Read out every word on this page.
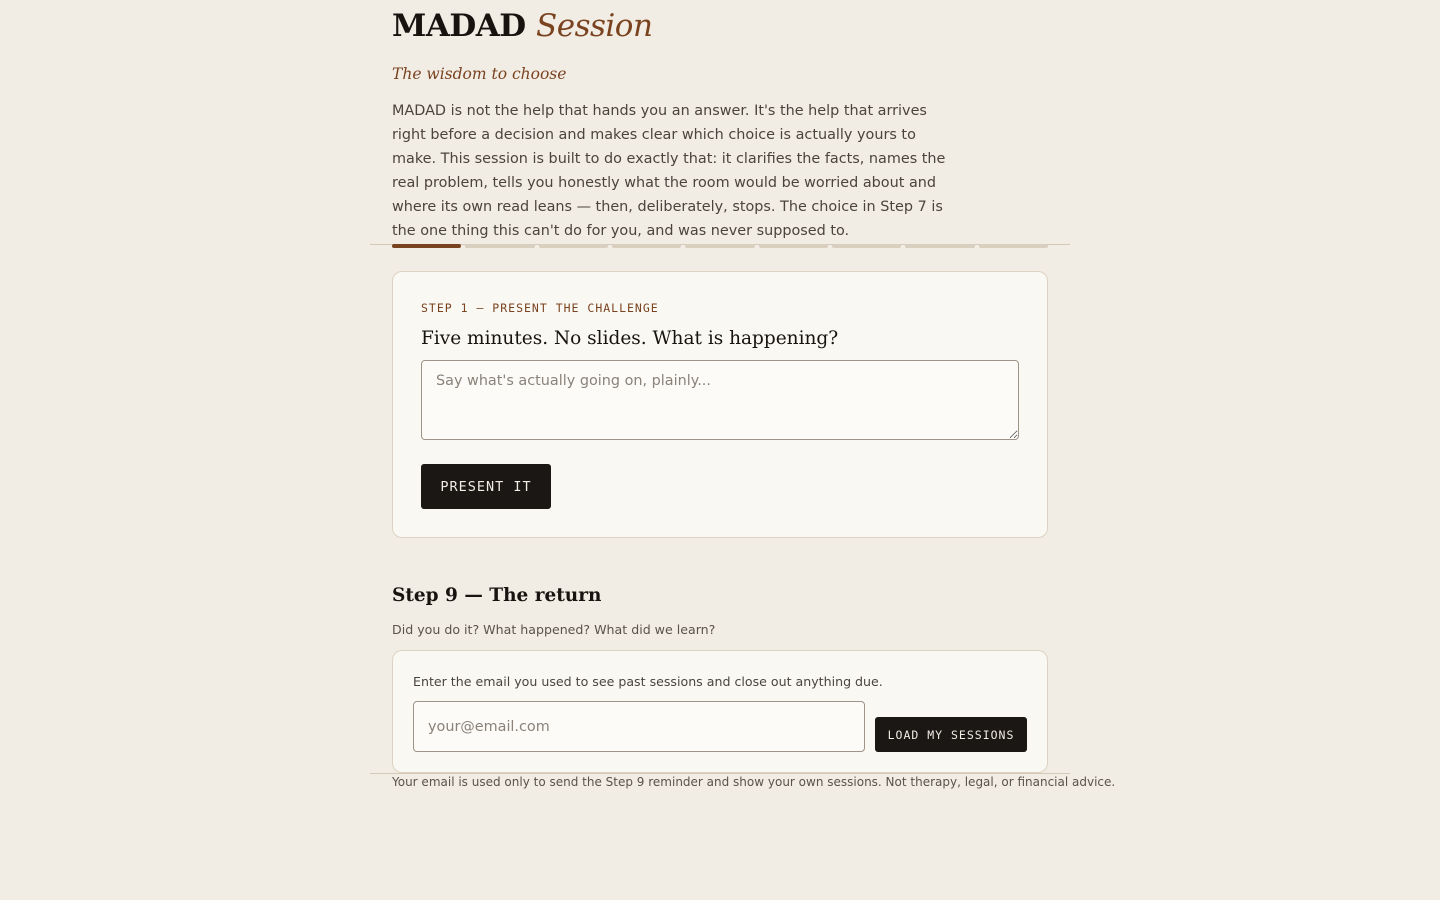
MADAD Session
The wisdom to choose

MADAD is not the help that hands you an answer. It's the help that arrives right before a decision and makes clear which choice is actually yours to make. This session is built to do exactly that: it clarifies the facts, names the real problem, tells you honestly what the room would be worried about and where its own read leans — then, deliberately, stops. The choice in Step 7 is the one thing this can't do for you, and was never supposed to.

STEP 1 — PRESENT THE CHALLENGE
Five minutes. No slides. What is happening?
Say what's actually going on, plainly...
PRESENT IT
Step 9 — The return
Did you do it? What happened? What did we learn?
Enter the email you used to see past sessions and close out anything due.
your@email.com
LOAD MY SESSIONS
Your email is used only to send the Step 9 reminder and show your own sessions. Not therapy, legal, or financial advice.
